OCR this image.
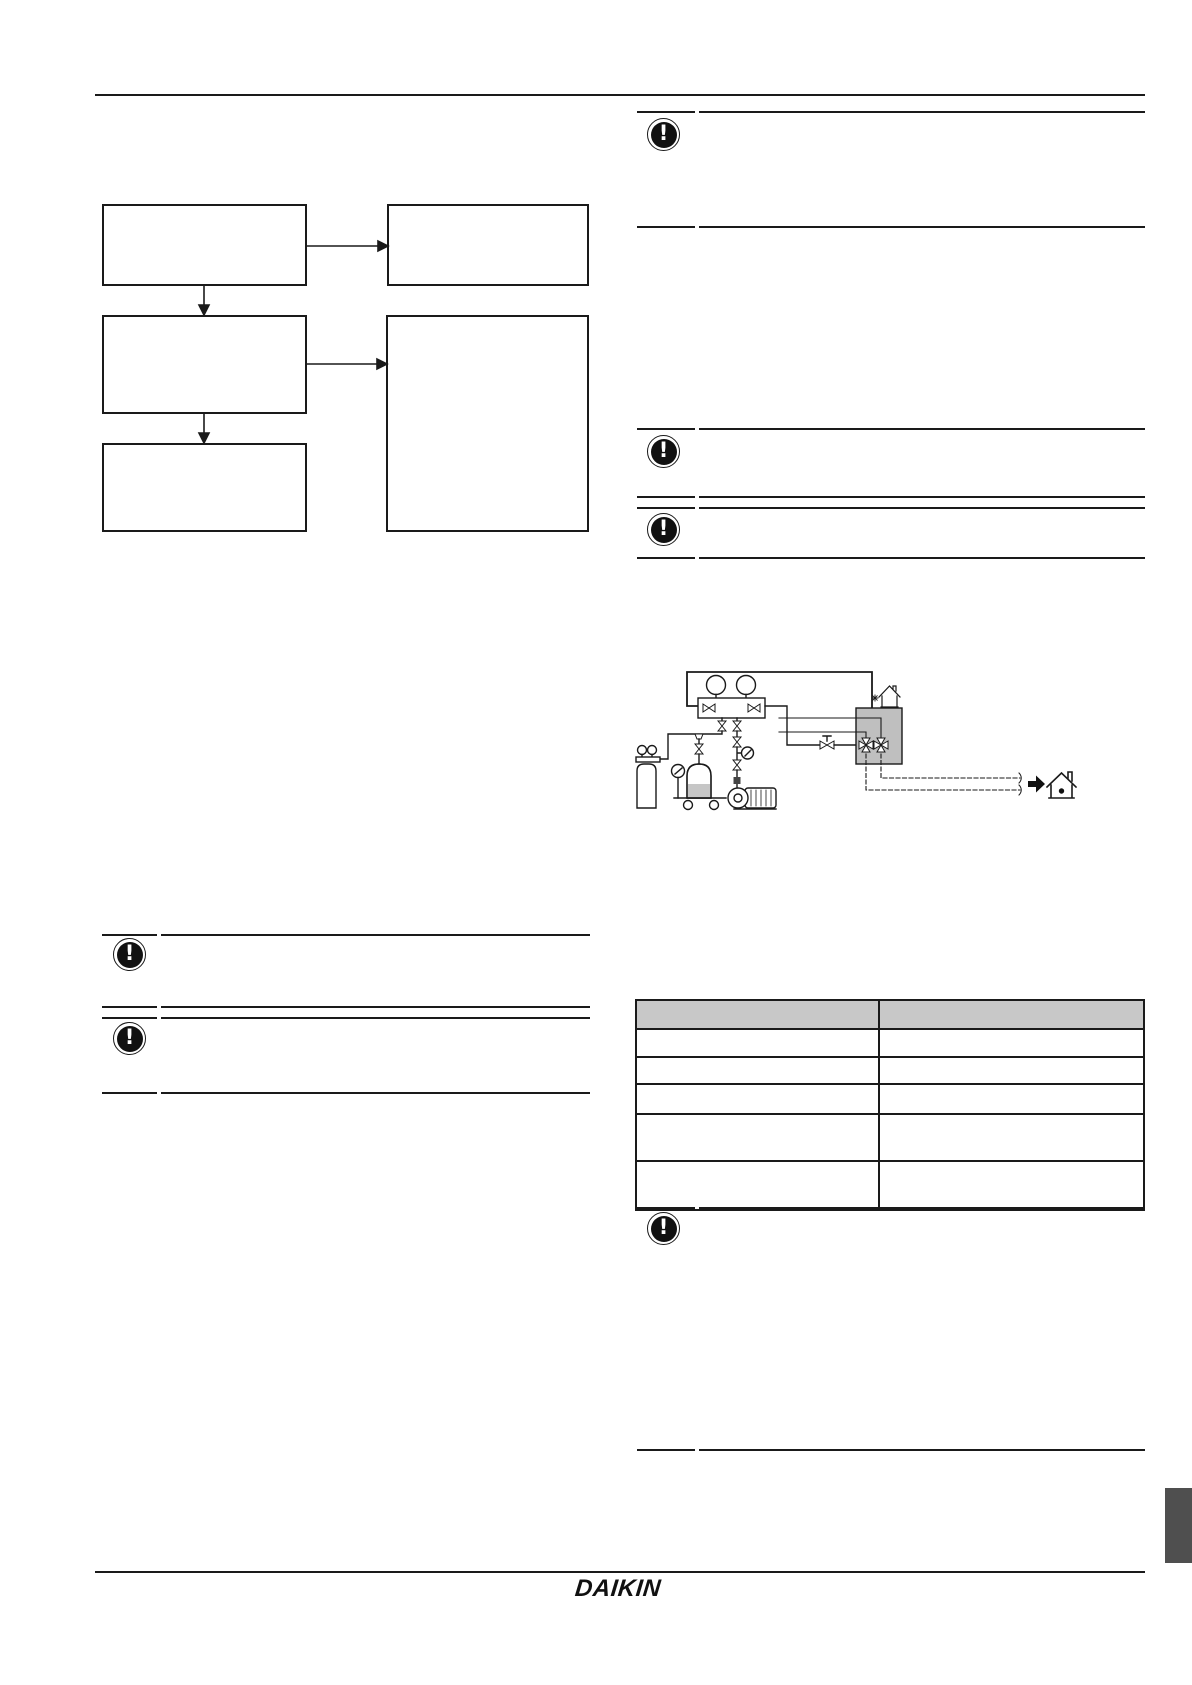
!
!
!
!
!

!
DAIKIN
